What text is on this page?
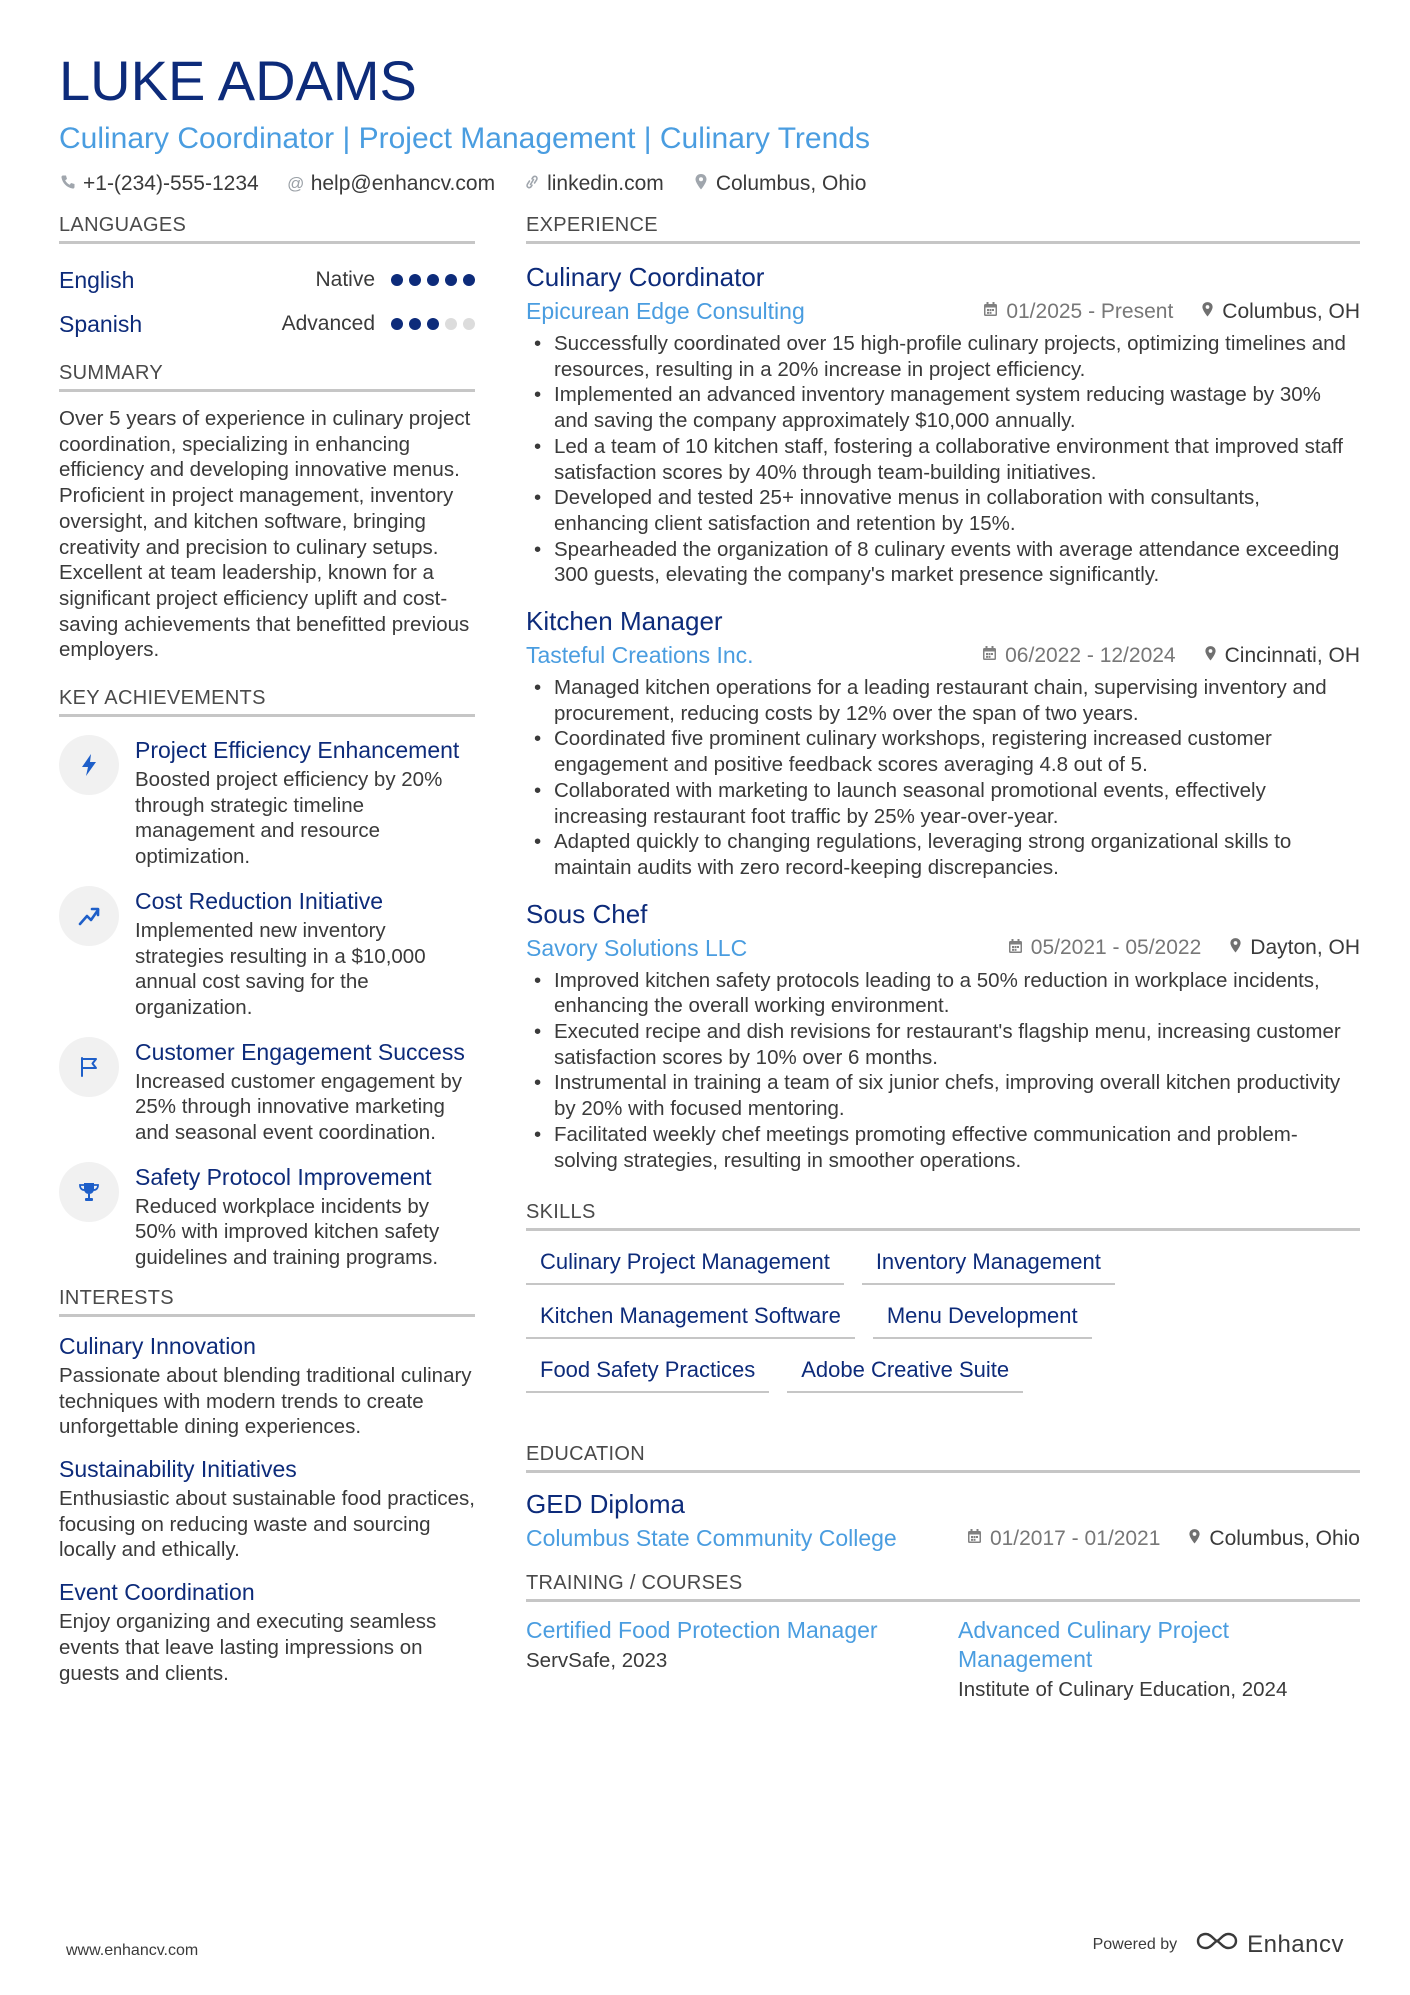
LUKE ADAMS
Culinary Coordinator | Project Management | Culinary Trends
+1-(234)-555-1234 @ help@enhancv.com linkedin.com Columbus, Ohio
LANGUAGES
English	Native
Spanish	Advanced
SUMMARY
Over 5 years of experience in culinary project coordination, specializing in enhancing efficiency and developing innovative menus. Proficient in project management, inventory oversight, and kitchen software, bringing creativity and precision to culinary setups. Excellent at team leadership, known for a significant project efficiency uplift and cost-saving achievements that benefitted previous employers.
KEY ACHIEVEMENTS
Project Efficiency Enhancement
Boosted project efficiency by 20% through strategic timeline management and resource optimization.
Cost Reduction Initiative
Implemented new inventory strategies resulting in a $10,000 annual cost saving for the organization.
Customer Engagement Success
Increased customer engagement by 25% through innovative marketing and seasonal event coordination.
Safety Protocol Improvement
Reduced workplace incidents by 50% with improved kitchen safety guidelines and training programs.
INTERESTS
Culinary Innovation
Passionate about blending traditional culinary techniques with modern trends to create unforgettable dining experiences.
Sustainability Initiatives
Enthusiastic about sustainable food practices, focusing on reducing waste and sourcing locally and ethically.
Event Coordination
Enjoy organizing and executing seamless events that leave lasting impressions on guests and clients.
EXPERIENCE
Culinary Coordinator
Epicurean Edge Consulting	01/2025 - Present Columbus, OH
• Successfully coordinated over 15 high-profile culinary projects, optimizing timelines and resources, resulting in a 20% increase in project efficiency.
• Implemented an advanced inventory management system reducing wastage by 30% and saving the company approximately $10,000 annually.
• Led a team of 10 kitchen staff, fostering a collaborative environment that improved staff satisfaction scores by 40% through team-building initiatives.
• Developed and tested 25+ innovative menus in collaboration with consultants, enhancing client satisfaction and retention by 15%.
• Spearheaded the organization of 8 culinary events with average attendance exceeding 300 guests, elevating the company's market presence significantly.
Kitchen Manager
Tasteful Creations Inc.	06/2022 - 12/2024 Cincinnati, OH
• Managed kitchen operations for a leading restaurant chain, supervising inventory and procurement, reducing costs by 12% over the span of two years.
• Coordinated five prominent culinary workshops, registering increased customer engagement and positive feedback scores averaging 4.8 out of 5.
• Collaborated with marketing to launch seasonal promotional events, effectively increasing restaurant foot traffic by 25% year-over-year.
• Adapted quickly to changing regulations, leveraging strong organizational skills to maintain audits with zero record-keeping discrepancies.
Sous Chef
Savory Solutions LLC	05/2021 - 05/2022 Dayton, OH
• Improved kitchen safety protocols leading to a 50% reduction in workplace incidents, enhancing the overall working environment.
• Executed recipe and dish revisions for restaurant's flagship menu, increasing customer satisfaction scores by 10% over 6 months.
• Instrumental in training a team of six junior chefs, improving overall kitchen productivity by 20% with focused mentoring.
• Facilitated weekly chef meetings promoting effective communication and problem-solving strategies, resulting in smoother operations.
SKILLS
Culinary Project Management	Inventory Management
Kitchen Management Software	Menu Development
Food Safety Practices	Adobe Creative Suite
EDUCATION
GED Diploma
Columbus State Community College	01/2017 - 01/2021 Columbus, Ohio
TRAINING / COURSES
Certified Food Protection Manager
ServSafe, 2023
Advanced Culinary Project Management
Institute of Culinary Education, 2024
www.enhancv.com	Powered by	Enhancv
